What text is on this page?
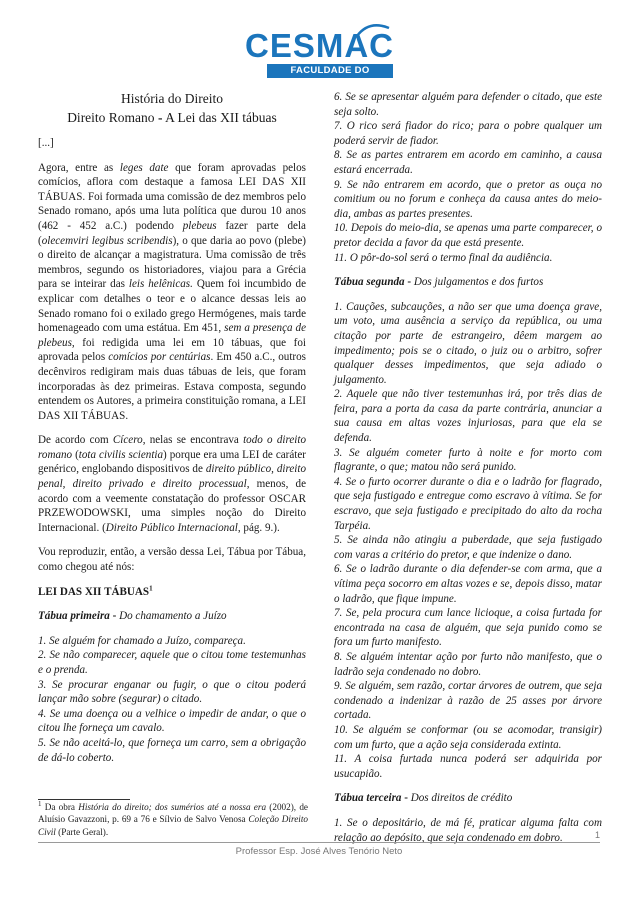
CESMAC
FACULDADE DO AGRESTE

História do Direito

Direito Romano - A Lei das XII tábuas

[...]

Agora, entre as leges date que foram aprovadas pelos comícios, aflora com destaque a famosa LEI DAS XII TÁBUAS. Foi formada uma comissão de dez membros pelo Senado romano, após uma luta política que durou 10 anos (462 - 452 a.C.) podendo plebeus fazer parte dela (olecemviri legibus scribendis), o que daria ao povo (plebe) o direito de alcançar a magistratura. Uma comissão de três membros, segundo os historiadores, viajou para a Grécia para se inteirar das leis helênicas. Quem foi incumbido de explicar com detalhes o teor e o alcance dessas leis ao Senado romano foi o exilado grego Hermógenes, mais tarde homenageado com uma estátua. Em 451, sem a presença de plebeus, foi redigida uma lei em 10 tábuas, que foi aprovada pelos comícios por centúrias. Em 450 a.C., outros decênviros redigiram mais duas tábuas de leis, que foram incorporadas às dez primeiras. Estava composta, segundo entendem os Autores, a primeira constituição romana, a LEI DAS XII TÁBUAS.

De acordo com Cícero, nelas se encontrava todo o direito romano (tota civilis scientia) porque era uma LEI de caráter genérico, englobando dispositivos de direito público, direito penal, direito privado e direito processual, menos, de acordo com a veemente constatação do professor OSCAR PRZEWODOWSKI, uma simples noção do Direito Internacional. (Direito Público Internacional, pág. 9.).

Vou reproduzir, então, a versão dessa Lei, Tábua por Tábua, como chegou até nós:

LEI DAS XII TÁBUAS$^1$

Tábua primeira - Do chamamento a Juízo

1. Se alguém for chamado a Juízo, compareça.

2. Se não comparecer, aquele que o citou tome testemunhas e o prenda.

3. Se procurar enganar ou fugir, o que o citou poderá lançar mão sobre (segurar) o citado.

4. Se uma doença ou a velhice o impedir de andar, o que o citou lhe forneça um cavalo.

5. Se não aceitá-lo, que forneça um carro, sem a obrigação de dá-lo coberto.

$^1$ Da obra História do direito; dos sumérios até a nossa era (2002), de Aluísio Gavazzoni, p. 69 a 76 e Sílvio de Salvo Venosa Coleção Direito Civil (Parte Geral).

6. Se se apresentar alguém para defender o citado, que este seja solto.

7. O rico será fiador do rico; para o pobre qualquer um poderá servir de fiador.

8. Se as partes entrarem em acordo em caminho, a causa estará encerrada.

9. Se não entrarem em acordo, que o pretor as ouça no comitium ou no forum e conheça da causa antes do meio-dia, ambas as partes presentes.

10. Depois do meio-dia, se apenas uma parte comparecer, o pretor decida a favor da que está presente.

11. O pôr-do-sol será o termo final da audiência.

Tábua segunda - Dos julgamentos e dos furtos

1. Cauções, subcauções, a não ser que uma doença grave, um voto, uma ausência a serviço da república, ou uma citação por parte de estrangeiro, dêem margem ao impedimento; pois se o citado, o juiz ou o arbitro, sofrer qualquer desses impedimentos, que seja adiado o julgamento.

2. Aquele que não tiver testemunhas irá, por três dias de feira, para a porta da casa da parte contrária, anunciar a sua causa em altas vozes injuriosas, para que ela se defenda.

3. Se alguém cometer furto à noite e for morto com flagrante, o que; matou não será punido.

4. Se o furto ocorrer durante o dia e o ladrão for flagrado, que seja fustigado e entregue como escravo à vítima. Se for escravo, que seja fustigado e precipitado do alto da rocha Tarpéia.

5. Se ainda não atingiu a puberdade, que seja fustigado com varas a critério do pretor, e que indenize o dano.

6. Se o ladrão durante o dia defender-se com arma, que a vítima peça socorro em altas vozes e se, depois disso, matar o ladrão, que fique impune.

7. Se, pela procura cum lance licioque, a coisa furtada for encontrada na casa de alguém, que seja punido como se fora um furto manifesto.

8. Se alguém intentar ação por furto não manifesto, que o ladrão seja condenado no dobro.

9. Se alguém, sem razão, cortar árvores de outrem, que seja condenado a indenizar à razão de 25 asses por árvore cortada.

10. Se alguém se conformar (ou se acomodar, transigir) com um furto, que a ação seja considerada extinta.

11. A coisa furtada nunca poderá ser adquirida por usucapião.

Tábua terceira - Dos direitos de crédito

1. Se o depositário, de má fé, praticar alguma falta com relação ao depósito, que seja condenado em dobro.	1
Professor Esp. José Alves Tenório Neto
